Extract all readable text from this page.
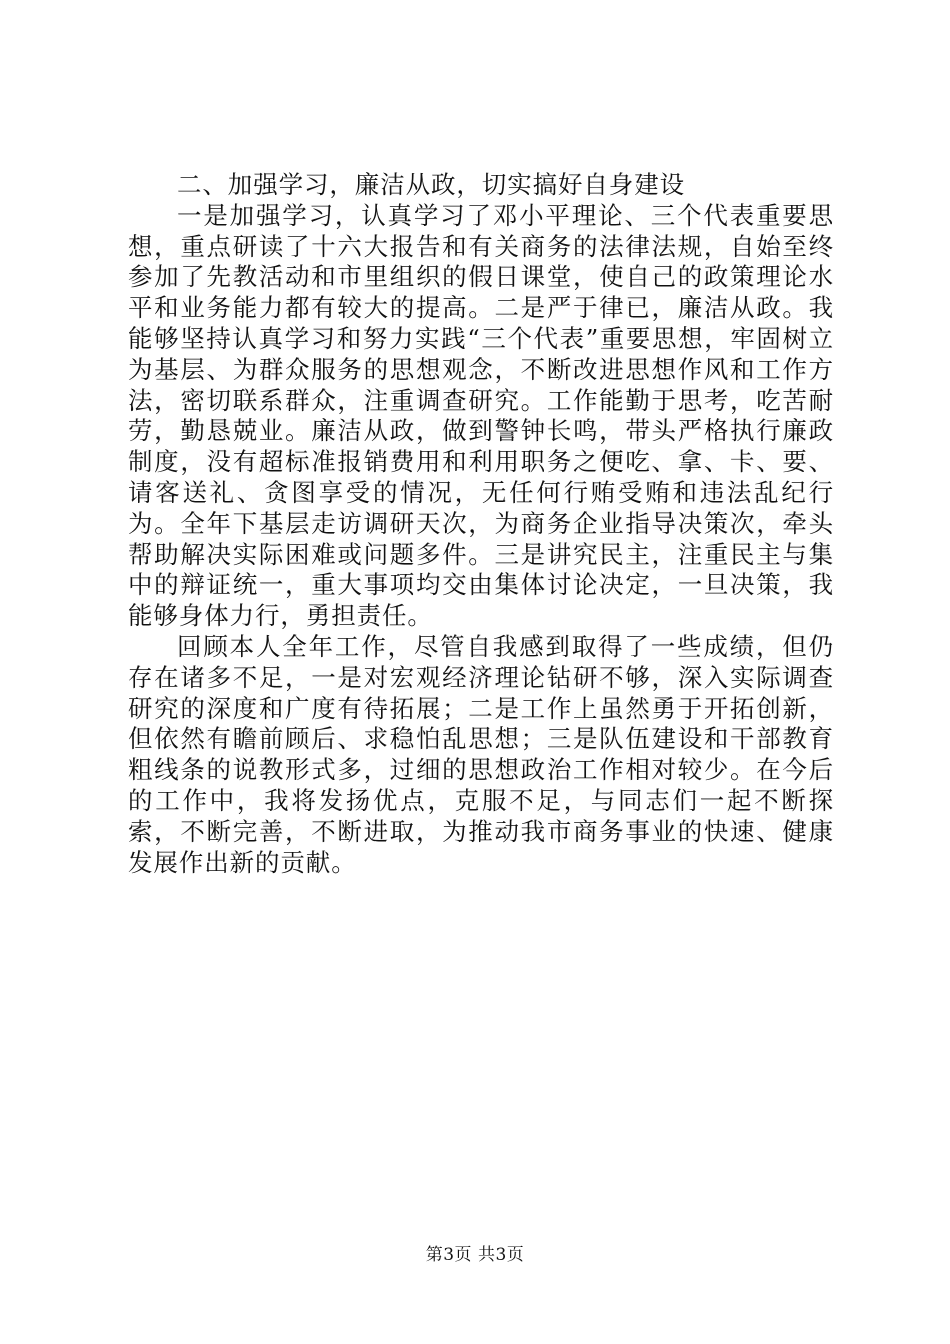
二、加强学习，廉洁从政，切实搞好自身建设

一是加强学习，认真学习了邓小平理论、三个代表重要思想，重点研读了十六大报告和有关商务的法律法规，自始至终参加了先教活动和市里组织的假日课堂，使自己的政策理论水平和业务能力都有较大的提高。二是严于律已，廉洁从政。我能够坚持认真学习和努力实践“三个代表”重要思想，牢固树立为基层、为群众服务的思想观念，不断改进思想作风和工作方法，密切联系群众，注重调查研究。工作能勤于思考，吃苦耐劳，勤恳兢业。廉洁从政，做到警钟长鸣，带头严格执行廉政制度，没有超标准报销费用和利用职务之便吃、拿、卡、要、请客送礼、贪图享受的情况，无任何行贿受贿和违法乱纪行为。全年下基层走访调研天次，为商务企业指导决策次，牵头帮助解决实际困难或问题多件。三是讲究民主，注重民主与集中的辩证统一，重大事项均交由集体讨论决定，一旦决策，我能够身体力行，勇担责任。

回顾本人全年工作，尽管自我感到取得了一些成绩，但仍存在诸多不足，一是对宏观经济理论钻研不够，深入实际调查研究的深度和广度有待拓展；二是工作上虽然勇于开拓创新，但依然有瞻前顾后、求稳怕乱思想；三是队伍建设和干部教育粗线条的说教形式多，过细的思想政治工作相对较少。在今后的工作中，我将发扬优点，克服不足，与同志们一起不断探索，不断完善，不断进取，为推动我市商务事业的快速、健康发展作出新的贡献。

第3页 共3页
